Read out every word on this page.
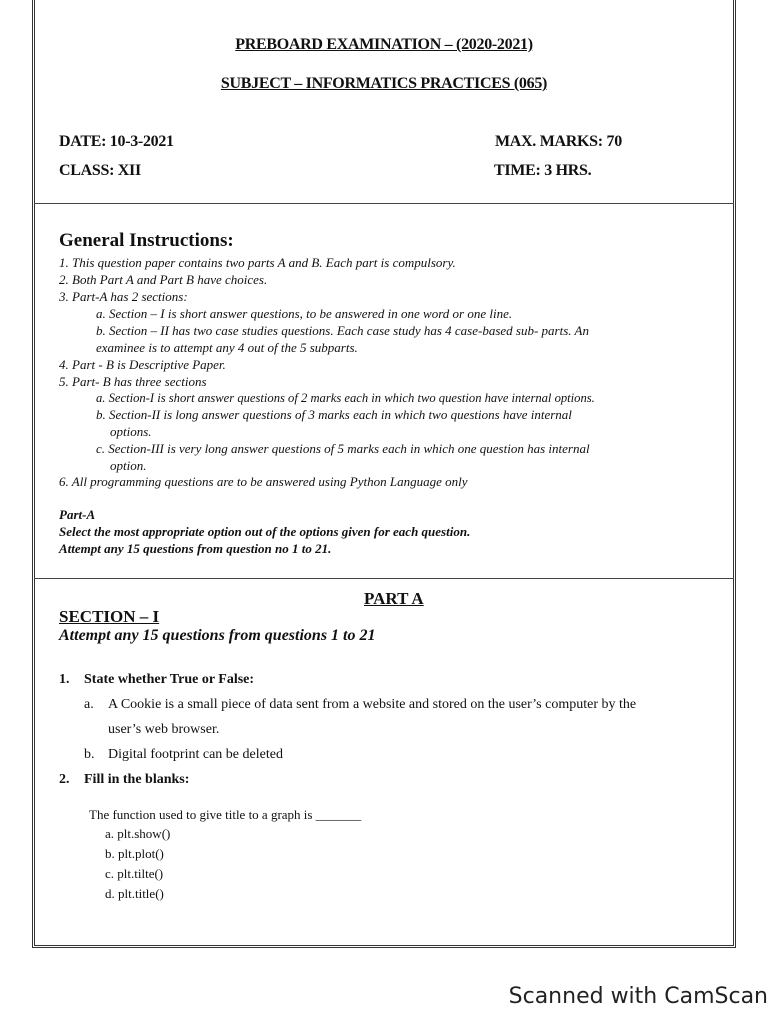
PREBOARD EXAMINATION – (2020-2021)
SUBJECT – INFORMATICS PRACTICES (065)
DATE: 10-3-2021	MAX. MARKS: 70
CLASS: XII	TIME: 3 HRS.
General Instructions:
1. This question paper contains two parts A and B. Each part is compulsory.
2. Both Part A and Part B have choices.
3. Part-A has 2 sections:
a. Section – I is short answer questions, to be answered in one word or one line.
b. Section – II has two case studies questions. Each case study has 4 case-based sub- parts. An
examinee is to attempt any 4 out of the 5 subparts.
4. Part - B is Descriptive Paper.
5. Part- B has three sections
a. Section-I is short answer questions of 2 marks each in which two question have internal options.
b. Section-II is long answer questions of 3 marks each in which two questions have internal
options.
c. Section-III is very long answer questions of 5 marks each in which one question has internal
option.
6. All programming questions are to be answered using Python Language only
Part-A
Select the most appropriate option out of the options given for each question.
Attempt any 15 questions from question no 1 to 21.
PART A
SECTION – I
Attempt any 15 questions from questions 1 to 21
1. State whether True or False:
a. A Cookie is a small piece of data sent from a website and stored on the user’s computer by the
user’s web browser.
b. Digital footprint can be deleted
2. Fill in the blanks:
The function used to give title to a graph is _______
a. plt.show()
b. plt.plot()
c. plt.tilte()
d. plt.title()
Scanned with CamScan
